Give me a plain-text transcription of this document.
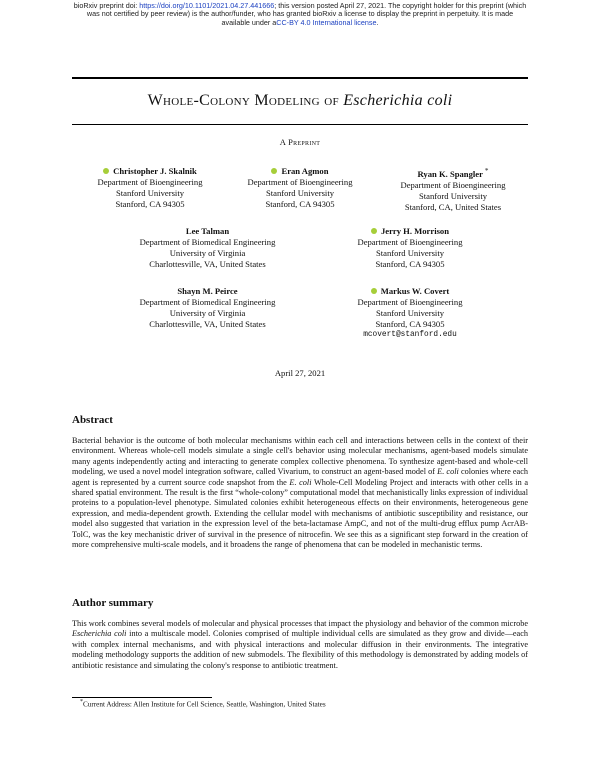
bioRxiv preprint doi: https://doi.org/10.1101/2021.04.27.441666; this version posted April 27, 2021. The copyright holder for this preprint (which
was not certified by peer review) is the author/funder, who has granted bioRxiv a license to display the preprint in perpetuity. It is made
available under aCC-BY 4.0 International license.
Whole-Colony Modeling of Escherichia coli
A Preprint
Christopher J. Skalnik
Department of Bioengineering
Stanford University
Stanford, CA 94305
Eran Agmon
Department of Bioengineering
Stanford University
Stanford, CA 94305
Ryan K. Spangler *
Department of Bioengineering
Stanford University
Stanford, CA, United States
Lee Talman
Department of Biomedical Engineering
University of Virginia
Charlottesville, VA, United States
Jerry H. Morrison
Department of Bioengineering
Stanford University
Stanford, CA 94305
Shayn M. Peirce
Department of Biomedical Engineering
University of Virginia
Charlottesville, VA, United States
Markus W. Covert
Department of Bioengineering
Stanford University
Stanford, CA 94305
mcovert@stanford.edu
April 27, 2021
Abstract

Bacterial behavior is the outcome of both molecular mechanisms within each cell and interactions between cells in the context of their environment. Whereas whole-cell models simulate a single cell's behavior using molecular mechanisms, agent-based models simulate many agents independently acting and interacting to generate complex collective phenomena. To synthesize agent-based and whole-cell modeling, we used a novel model integration software, called Vivarium, to construct an agent-based model of E. coli colonies where each agent is represented by a current source code snapshot from the E. coli Whole-Cell Modeling Project and interacts with other cells in a shared spatial environment. The result is the first “whole-colony” computational model that mechanistically links expression of individual proteins to a population-level phenotype. Simulated colonies exhibit heterogeneous effects on their environments, heterogeneous gene expression, and media-dependent growth. Extending the cellular model with mechanisms of antibiotic susceptibility and resistance, our model also suggested that variation in the expression level of the beta-lactamase AmpC, and not of the multi-drug efflux pump AcrAB-TolC, was the key mechanistic driver of survival in the presence of nitrocefin. We see this as a significant step forward in the creation of more comprehensive multi-scale models, and it broadens the range of phenomena that can be modeled in mechanistic terms.

Author summary

This work combines several models of molecular and physical processes that impact the physiology and behavior of the common microbe Escherichia coli into a multiscale model. Colonies comprised of multiple individual cells are simulated as they grow and divide—each with complex internal mechanisms, and with physical interactions and molecular diffusion in their environments. The integrative modeling methodology supports the addition of new submodels. The flexibility of this methodology is demonstrated by adding models of antibiotic resistance and simulating the colony's response to antibiotic treatment.

*Current Address: Allen Institute for Cell Science, Seattle, Washington, United States
